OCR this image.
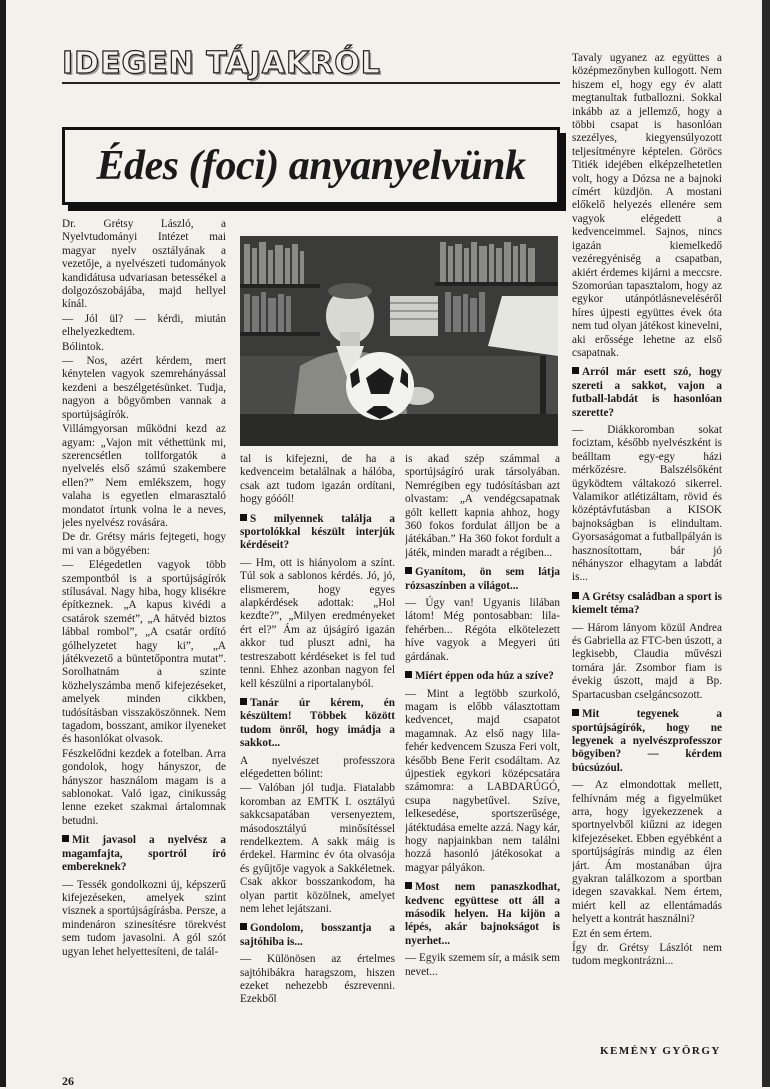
IDEGEN TÁJAKRÓL
Édes (foci) anyanyelvünk

Dr. Grétsy László, a Nyelvtudományi Intézet mai magyar nyelv osztályának a vezetője, a nyelvészeti tudományok kandidátusa udvariasan betessékel a dolgozószobájába, majd hellyel kínál.

— Jól ül? — kérdi, miután elhelyezkedtem.

Bólintok.

— Nos, azért kérdem, mert kénytelen vagyok szemrehányással kezdeni a beszélgetésünket. Tudja, nagyon a bögyömben vannak a sportújságírók.

Villámgyorsan működni kezd az agyam: „Vajon mit véthettünk mi, szerencsétlen tollforgatók a nyelvelés első számú szakembere ellen?” Nem emlékszem, hogy valaha is egyetlen elmarasztaló mondatot írtunk volna le a neves, jeles nyelvész rovására.

De dr. Grétsy máris fejtegeti, hogy mi van a bögyében:

— Elégedetlen vagyok több szempontból is a sportújságírók stílusával. Nagy hiba, hogy klisékre építkeznek. „A kapus kivédi a csatárok szemét”, „A hátvéd biztos lábbal rombol”, „A csatár ordító gólhelyzetet hagy ki”, „A játékvezető a büntetőpontra mutat”. Sorolhatnám a szinte közhelyszámba menő kifejezéseket, amelyek minden cikkben, tudósításban visszaköszönnek. Nem tagadom, bosszant, amikor ilyeneket és hasonlókat olvasok.

Fészkelődni kezdek a fotelban. Arra gondolok, hogy hányszor, de hányszor használom magam is a sablonokat. Való igaz, cinikusság lenne ezeket szakmai ártalomnak betudni.

Mit javasol a nyelvész a magamfajta, sportról író embereknek?

— Tessék gondolkozni új, képszerű kifejezéseken, amelyek szint visznek a sportújságírásba. Persze, a mindenáron szinesítésre törekvést sem tudom javasolni. A gól szót ugyan lehet helyettesíteni, de talál-

tal is kifejezni, de ha a kedvenceim betalálnak a hálóba, csak azt tudom igazán ordítani, hogy góóól!

S milyennek találja a sportolókkal készült interjúk kérdéseit?

— Hm, ott is hiányolom a színt. Túl sok a sablonos kérdés. Jó, jó, elismerem, hogy egyes alapkérdések adottak: „Hol kezdte?”, „Milyen eredményeket ért el?” Ám az újságíró igazán akkor tud pluszt adni, ha testreszabott kérdéseket is fel tud tenni. Ehhez azonban nagyon fel kell készülni a riportalanyból.

Tanár úr kérem, én készültem! Többek között tudom önről, hogy imádja a sakkot...

A nyelvészet professzora elégedetten bólint:

— Valóban jól tudja. Fiatalabb koromban az EMTK I. osztályú sakkcsapatában versenyeztem, másodosztályú minősítéssel rendelkeztem. A sakk máig is érdekel. Harminc év óta olvasója és gyűjtője vagyok a Sakkéletnek. Csak akkor bosszankodom, ha olyan partit közölnek, amelyet nem lehet lejátszani.

Gondolom, bosszantja a sajtóhiba is...

— Különösen az értelmes sajtóhibákra haragszom, hiszen ezeket nehezebb észrevenni. Ezekből

is akad szép számmal a sportújságíró urak társolyában. Nemrégiben egy tudósításban azt olvastam: „A vendégcsapatnak gólt kellett kapnia ahhoz, hogy 360 fokos fordulat álljon be a játékában.” Ha 360 fokot fordult a játék, minden maradt a régiben...

Gyanítom, ön sem látja rózsaszínben a világot...

— Úgy van! Ugyanis lilában látom! Még pontosabban: lila-fehérben... Régóta elkötelezett híve vagyok a Megyeri úti gárdának.

Miért éppen oda húz a szíve?

— Mint a legtöbb szurkoló, magam is előbb választottam kedvencet, majd csapatot magamnak. Az első nagy lila-fehér kedvencem Szusza Feri volt, később Bene Ferit csodáltam. Az újpestiek egykori középcsatára számomra: a LABDARÚGÓ, csupa nagybetűvel. Szíve, lelkesedése, sportszerűsége, játéktudása emelte azzá. Nagy kár, hogy napjainkban nem találni hozzá hasonló játékosokat a magyar pályákon.

Most nem panaszkodhat, kedvenc együttese ott áll a második helyen. Ha kijön a lépés, akár bajnokságot is nyerhet...

— Egyik szemem sír, a másik sem nevet...

Tavaly ugyanez az együttes a középmezőnyben kullogott. Nem hiszem el, hogy egy év alatt megtanultak futballozni. Sokkal inkább az a jellemző, hogy a többi csapat is hasonlóan szezélyes, kiegyensúlyozott teljesítményre képtelen. Göröcs Titiék idejében elképzelhetetlen volt, hogy a Dózsa ne a bajnoki címért küzdjön. A mostani előkelő helyezés ellenére sem vagyok elégedett a kedvenceimmel. Sajnos, nincs igazán kiemelkedő vezéregyéniség a csapatban, akiért érdemes kijárni a meccsre. Szomorúan tapasztalom, hogy az egykor utánpótlásneveléséről híres újpesti együttes évek óta nem tud olyan játékost kinevelni, aki erőssége lehetne az első csapatnak.

Arról már esett szó, hogy szereti a sakkot, vajon a futball-labdát is hasonlóan szerette?

— Diákkoromban sokat fociztam, később nyelvészként is beálltam egy-egy házi mérkőzésre. Balszélsőként ügyködtem váltakozó sikerrel. Valamikor atlétizáltam, rövid és középtávfutásban a KISOK bajnokságban is elindultam. Gyorsaságomat a futballpályán is hasznosítottam, bár jó néhányszor elhagytam a labdát is...

A Grétsy családban a sport is kiemelt téma?

— Három lányom közül Andrea és Gabriella az FTC-ben úszott, a legkisebb, Claudia művészi tornára jár. Zsombor fiam is évekig úszott, majd a Bp. Spartacusban cselgáncsozott.

Mit tegyenek a sportújságírók, hogy ne legyenek a nyelvészprofesszor bögyiben? — kérdem búcsúzóul.

— Az elmondottak mellett, felhívnám még a figyelmüket arra, hogy igyekezzenek a sportnyelvből kiűzni az idegen kifejezéseket. Ebben egyébként a sportújságírás mindig az élen járt. Ám mostanában újra gyakran találkozom a sportban idegen szavakkal. Nem értem, miért kell az ellentámadás helyett a kontrát használni?

Ezt én sem értem.

Így dr. Grétsy Lászlót nem tudom megkontrázni...

KEMÉNY GYÖRGY
26
